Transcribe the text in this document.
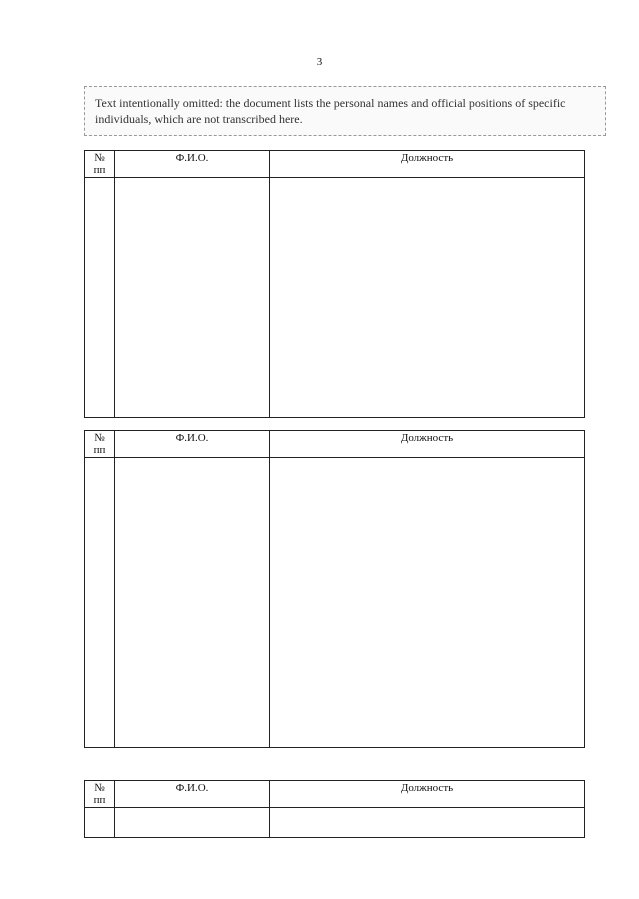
3
Text intentionally omitted: the document lists the personal names and official positions of specific individuals, which are not transcribed here.
№ пп	Ф.И.О.	Должность

№ пп	Ф.И.О.	Должность

№ пп	Ф.И.О.	Должность
